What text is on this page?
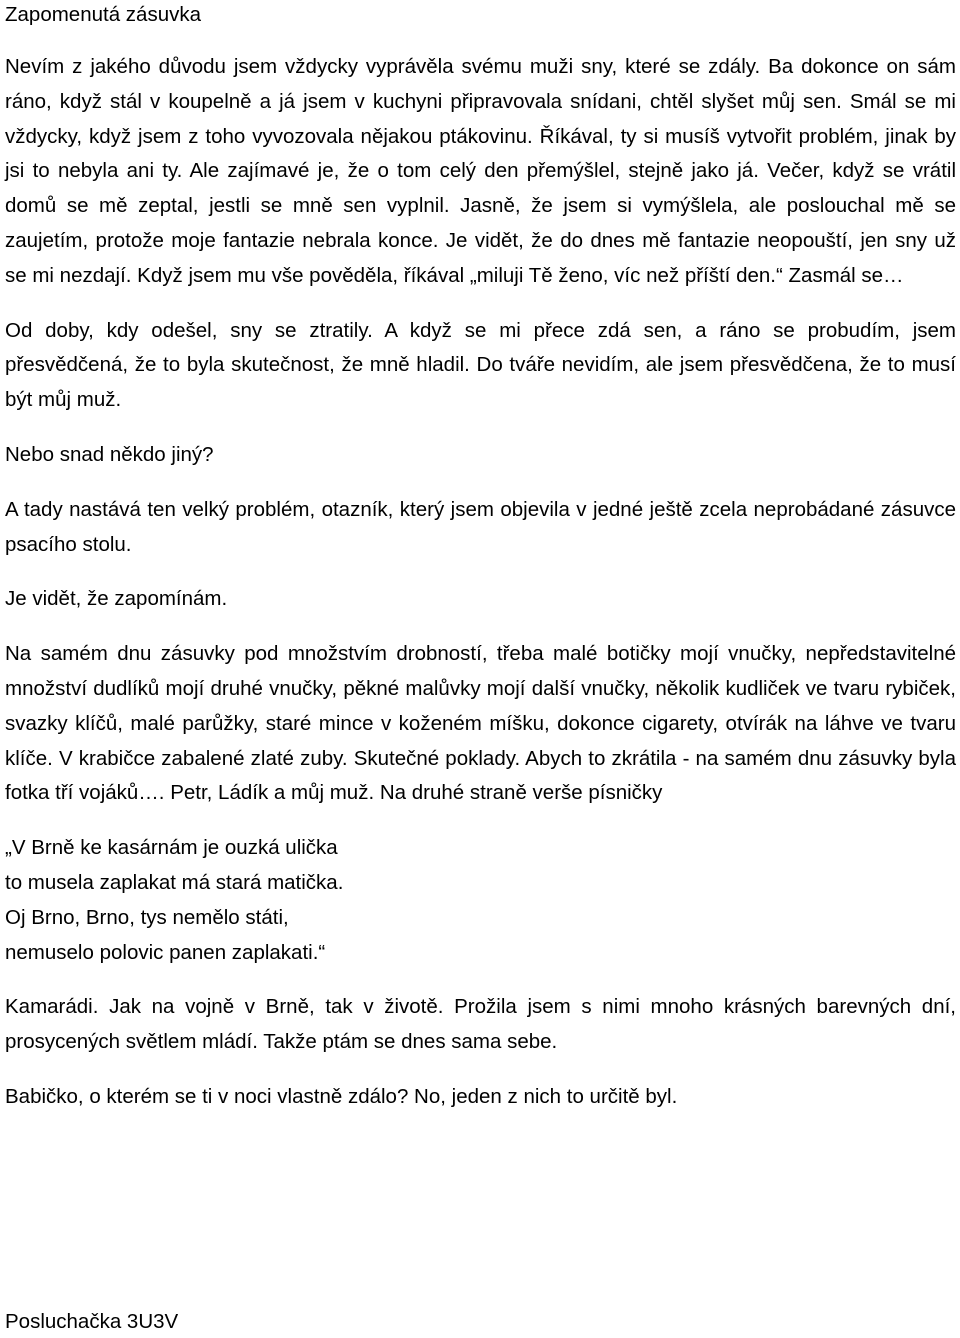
Zapomenutá zásuvka

Nevím z jakého důvodu jsem vždycky vyprávěla svému muži sny, které se zdály. Ba dokonce on sám ráno, když stál v koupelně a já jsem v kuchyni připravovala snídani, chtěl slyšet můj sen. Smál se mi vždycky, když jsem z toho vyvozovala nějakou ptákovinu. Říkával, ty si musíš vytvořit problém, jinak by jsi to nebyla ani ty. Ale zajímavé je, že o tom celý den přemýšlel, stejně jako já. Večer, když se vrátil domů se mě zeptal, jestli se mně sen vyplnil. Jasně, že jsem si vymýšlela, ale poslouchal mě se zaujetím, protože moje fantazie nebrala konce. Je vidět, že do dnes mě fantazie neopouští, jen sny už se mi nezdají. Když jsem mu vše pověděla, říkával „miluji Tě ženo, víc než příští den.“ Zasmál se…

Od doby, kdy odešel, sny se ztratily. A když se mi přece zdá sen, a ráno se probudím, jsem přesvědčená, že to byla skutečnost, že mně hladil. Do tváře nevidím, ale jsem přesvědčena, že to musí být můj muž.

Nebo snad někdo jiný?

A tady nastává ten velký problém, otazník, který jsem objevila v jedné ještě zcela neprobádané zásuvce psacího stolu.

Je vidět, že zapomínám.

Na samém dnu zásuvky pod množstvím drobností, třeba malé botičky mojí vnučky, nepředstavitelné množství dudlíků mojí druhé vnučky, pěkné malůvky mojí další vnučky, několik kudliček ve tvaru rybiček, svazky klíčů, malé parůžky, staré mince v koženém míšku, dokonce cigarety, otvírák na láhve ve tvaru klíče. V krabičce zabalené zlaté zuby. Skutečné poklady. Abych to zkrátila - na samém dnu zásuvky byla fotka tří vojáků…. Petr, Ládík a můj muž. Na druhé straně verše písničky

„V Brně ke kasárnám je ouzká ulička
to musela zaplakat má stará matička.
Oj Brno, Brno, tys nemělo státi,
nemuselo polovic panen zaplakati.“

Kamarádi. Jak na vojně v Brně, tak v životě. Prožila jsem s nimi mnoho krásných barevných dní, prosycených světlem mládí. Takže ptám se dnes sama sebe.

Babičko, o kterém se ti v noci vlastně zdálo? No, jeden z nich to určitě byl.

Posluchačka 3U3V
